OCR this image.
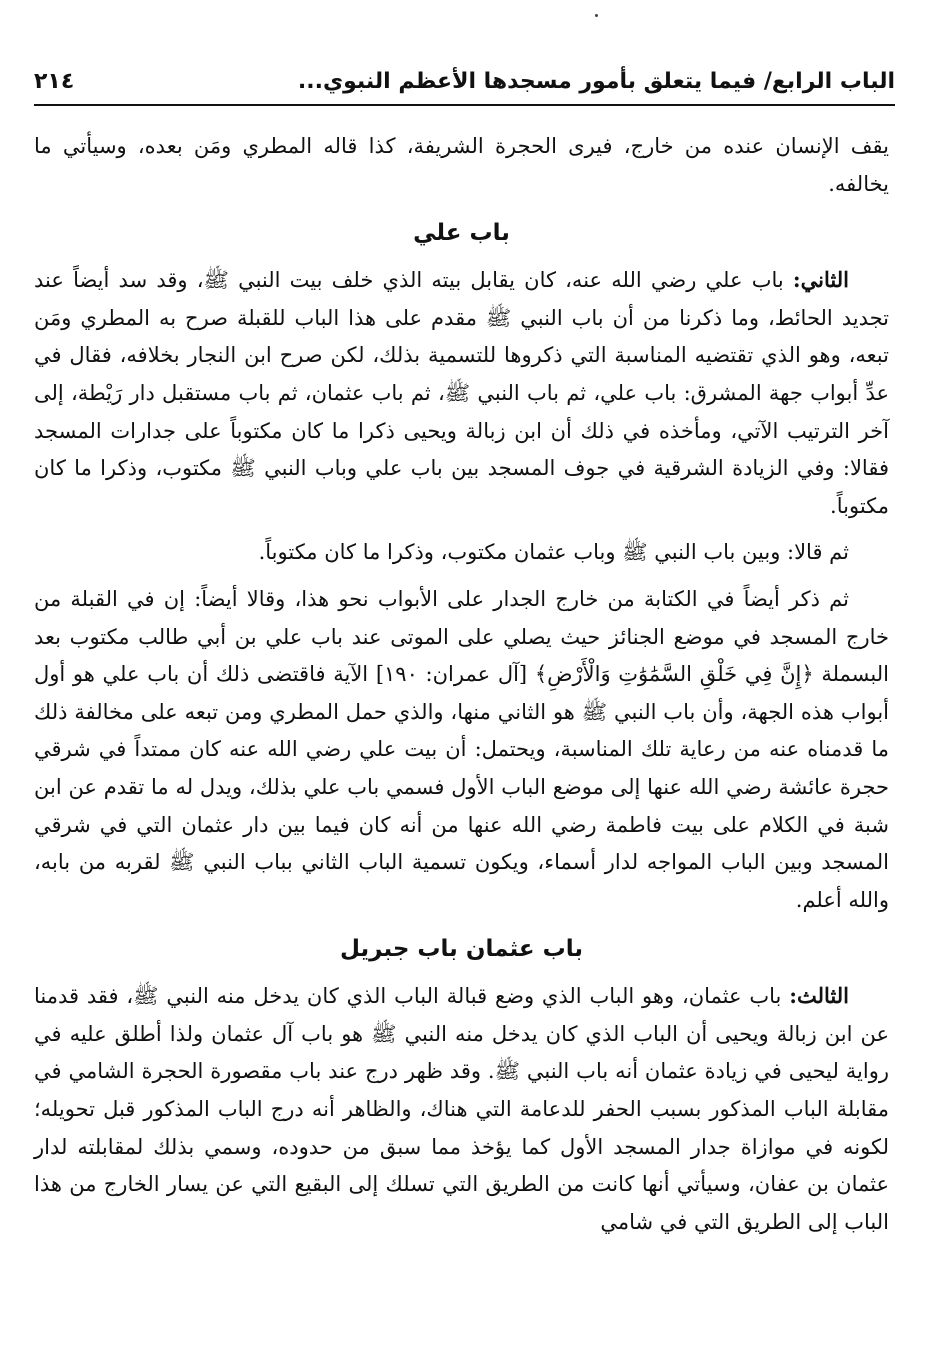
الباب الرابع/ فيما يتعلق بأمور مسجدها الأعظم النبوي...
٢١٤

يقف الإنسان عنده من خارج، فيرى الحجرة الشريفة، كذا قاله المطري ومَن بعده، وسيأتي ما يخالفه.

باب علي

الثاني: باب علي رضي الله عنه، كان يقابل بيته الذي خلف بيت النبي ﷺ، وقد سد أيضاً عند تجديد الحائط، وما ذكرنا من أن باب النبي ﷺ مقدم على هذا الباب للقبلة صرح به المطري ومَن تبعه، وهو الذي تقتضيه المناسبة التي ذكروها للتسمية بذلك، لكن صرح ابن النجار بخلافه، فقال في عدِّ أبواب جهة المشرق: باب علي، ثم باب النبي ﷺ، ثم باب عثمان، ثم باب مستقبل دار رَيْطة، إلى آخر الترتيب الآتي، ومأخذه في ذلك أن ابن زبالة ويحيى ذكرا ما كان مكتوباً على جدارات المسجد فقالا: وفي الزيادة الشرقية في جوف المسجد بين باب علي وباب النبي ﷺ مكتوب، وذكرا ما كان مكتوباً.

ثم قالا: وبين باب النبي ﷺ وباب عثمان مكتوب، وذكرا ما كان مكتوباً.

ثم ذكر أيضاً في الكتابة من خارج الجدار على الأبواب نحو هذا، وقالا أيضاً: إن في القبلة من خارج المسجد في موضع الجنائز حيث يصلي على الموتى عند باب علي بن أبي طالب مكتوب بعد البسملة ﴿إِنَّ فِي خَلْقِ السَّمَٰوَٰتِ وَالْأَرْضِ﴾ [آل عمران: ١٩٠] الآية فاقتضى ذلك أن باب علي هو أول أبواب هذه الجهة، وأن باب النبي ﷺ هو الثاني منها، والذي حمل المطري ومن تبعه على مخالفة ذلك ما قدمناه عنه من رعاية تلك المناسبة، ويحتمل: أن بيت علي رضي الله عنه كان ممتداً في شرقي حجرة عائشة رضي الله عنها إلى موضع الباب الأول فسمي باب علي بذلك، ويدل له ما تقدم عن ابن شبة في الكلام على بيت فاطمة رضي الله عنها من أنه كان فيما بين دار عثمان التي في شرقي المسجد وبين الباب المواجه لدار أسماء، ويكون تسمية الباب الثاني بباب النبي ﷺ لقربه من بابه، والله أعلم.

باب عثمان باب جبريل

الثالث: باب عثمان، وهو الباب الذي وضع قبالة الباب الذي كان يدخل منه النبي ﷺ، فقد قدمنا عن ابن زبالة ويحيى أن الباب الذي كان يدخل منه النبي ﷺ هو باب آل عثمان ولذا أطلق عليه في رواية ليحيى في زيادة عثمان أنه باب النبي ﷺ. وقد ظهر درج عند باب مقصورة الحجرة الشامي في مقابلة الباب المذكور بسبب الحفر للدعامة التي هناك، والظاهر أنه درج الباب المذكور قبل تحويله؛ لكونه في موازاة جدار المسجد الأول كما يؤخذ مما سبق من حدوده، وسمي بذلك لمقابلته لدار عثمان بن عفان، وسيأتي أنها كانت من الطريق التي تسلك إلى البقيع التي عن يسار الخارج من هذا الباب إلى الطريق التي في شامي
